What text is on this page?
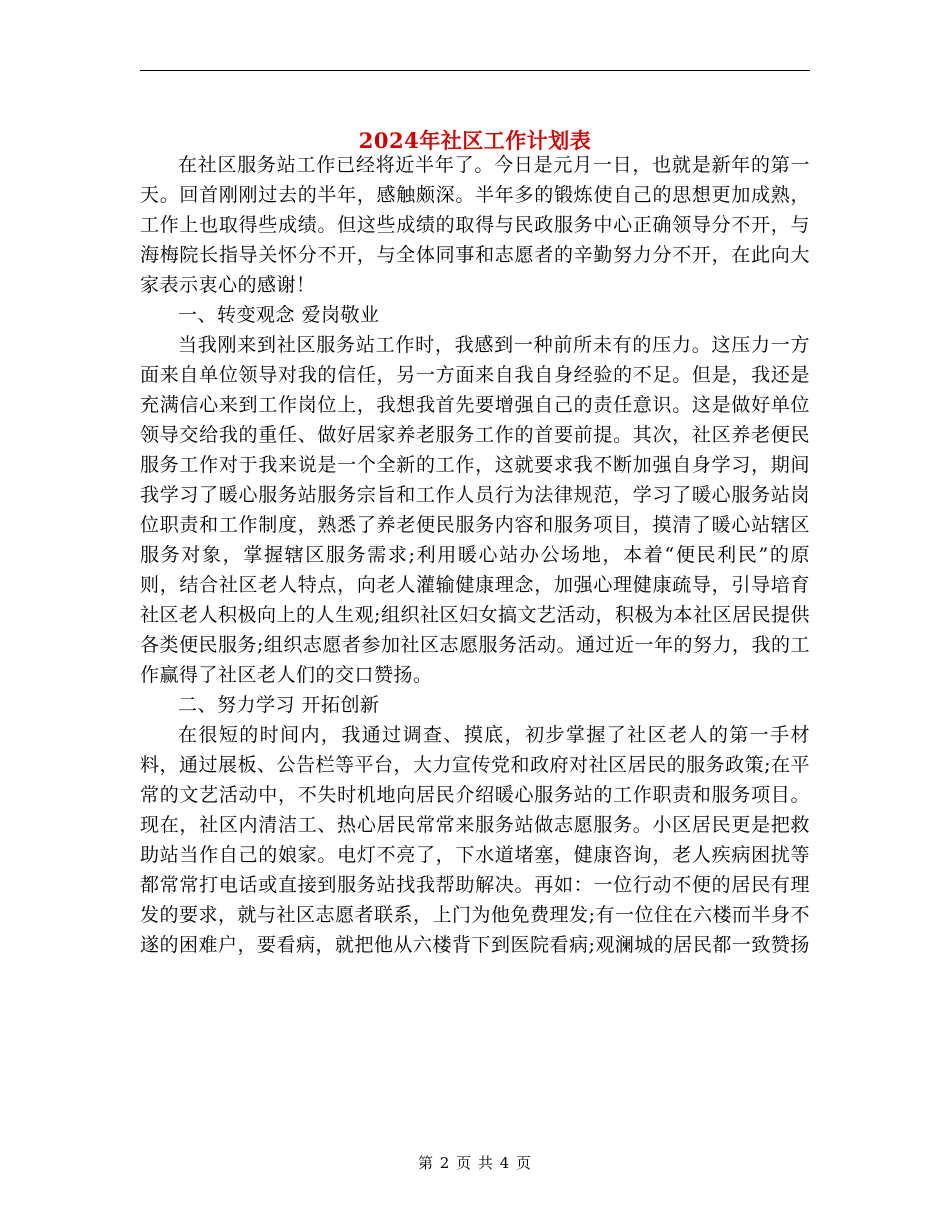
2024年社区工作计划表

在社区服务站工作已经将近半年了。今日是元月一日，也就是新年的第一天。回首刚刚过去的半年，感触颇深。半年多的锻炼使自己的思想更加成熟，工作上也取得些成绩。但这些成绩的取得与民政服务中心正确领导分不开，与海梅院长指导关怀分不开，与全体同事和志愿者的辛勤努力分不开，在此向大家表示衷心的感谢！

一、转变观念 爱岗敬业

当我刚来到社区服务站工作时，我感到一种前所未有的压力。这压力一方面来自单位领导对我的信任，另一方面来自我自身经验的不足。但是，我还是充满信心来到工作岗位上，我想我首先要增强自己的责任意识。这是做好单位领导交给我的重任、做好居家养老服务工作的首要前提。其次，社区养老便民服务工作对于我来说是一个全新的工作，这就要求我不断加强自身学习，期间我学习了暖心服务站服务宗旨和工作人员行为法律规范，学习了暖心服务站岗位职责和工作制度，熟悉了养老便民服务内容和服务项目，摸清了暖心站辖区服务对象，掌握辖区服务需求;利用暖心站办公场地，本着“便民利民”的原则，结合社区老人特点，向老人灌输健康理念，加强心理健康疏导，引导培育社区老人积极向上的人生观;组织社区妇女搞文艺活动，积极为本社区居民提供各类便民服务;组织志愿者参加社区志愿服务活动。通过近一年的努力，我的工作赢得了社区老人们的交口赞扬。

二、努力学习 开拓创新

在很短的时间内，我通过调查、摸底，初步掌握了社区老人的第一手材料，通过展板、公告栏等平台，大力宣传党和政府对社区居民的服务政策;在平常的文艺活动中，不失时机地向居民介绍暖心服务站的工作职责和服务项目。现在，社区内清洁工、热心居民常常来服务站做志愿服务。小区居民更是把救助站当作自己的娘家。电灯不亮了，下水道堵塞，健康咨询，老人疾病困扰等都常常打电话或直接到服务站找我帮助解决。再如：一位行动不便的居民有理发的要求，就与社区志愿者联系，上门为他免费理发;有一位住在六楼而半身不遂的困难户，要看病，就把他从六楼背下到医院看病;观澜城的居民都一致赞扬

第 2 页 共 4 页
